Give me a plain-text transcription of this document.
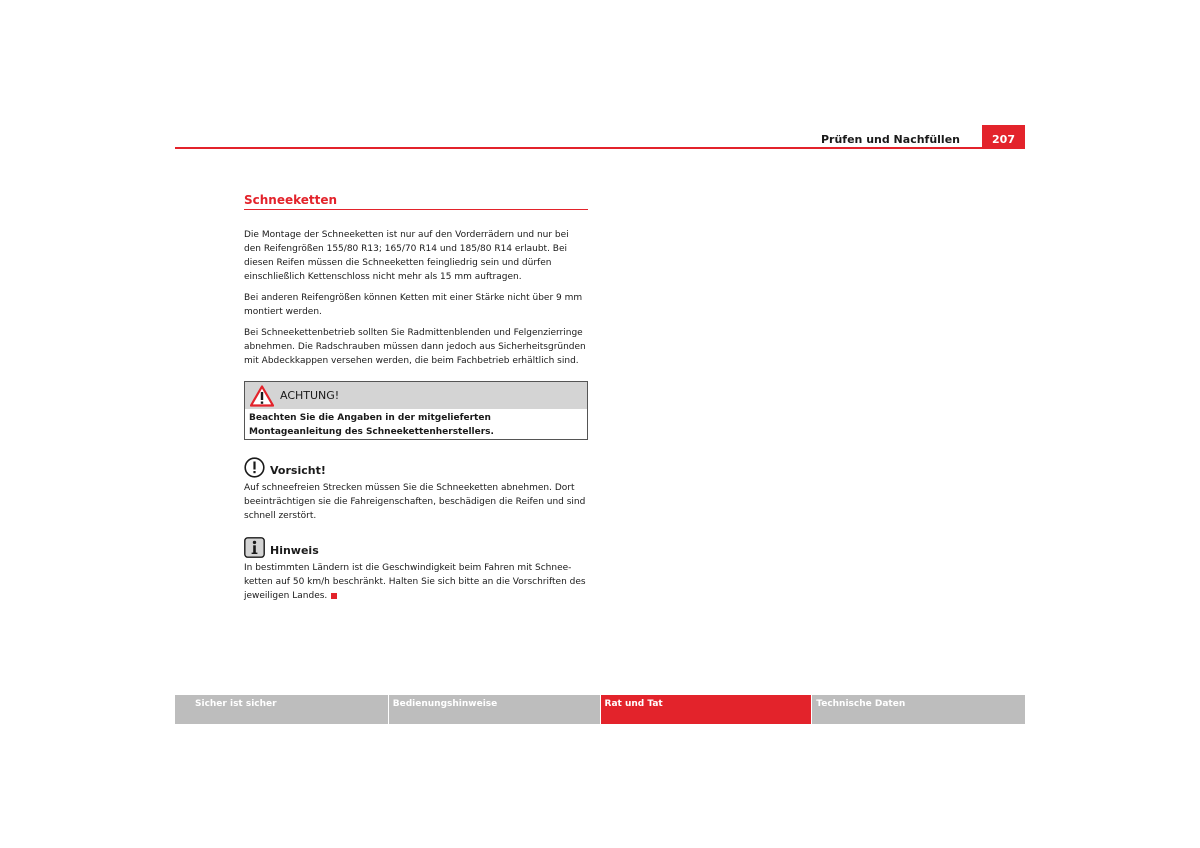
Prüfen und Nachfüllen	207
Schneeketten

Die Montage der Schneeketten ist nur auf den Vorderrädern und nur bei den Reifengrößen 155/80 R13; 165/70 R14 und 185/80 R14 erlaubt. Bei diesen Reifen müssen die Schneeketten feingliedrig sein und dürfen einschließlich Kettenschloss nicht mehr als 15 mm auftragen.

Bei anderen Reifengrößen können Ketten mit einer Stärke nicht über 9 mm montiert werden.

Bei Schneekettenbetrieb sollten Sie Radmittenblenden und Felgenzierringe abnehmen. Die Radschrauben müssen dann jedoch aus Sicherheitsgründen mit Abdeckkappen versehen werden, die beim Fachbetrieb erhältlich sind.

ACHTUNG!
Beachten Sie die Angaben in der mitgelieferten Montageanleitung des Schneekettenherstellers.
Vorsicht!

Auf schneefreien Strecken müssen Sie die Schneeketten abnehmen. Dort beeinträchtigen sie die Fahreigenschaften, beschädigen die Reifen und sind schnell zerstört.

Hinweis

In bestimmten Ländern ist die Geschwindigkeit beim Fahren mit Schneeketten auf 50 km/h beschränkt. Halten Sie sich bitte an die Vorschriften des jeweiligen Landes.

Sicher ist sicher	Bedienungshinweise	Rat und Tat	Technische Daten
